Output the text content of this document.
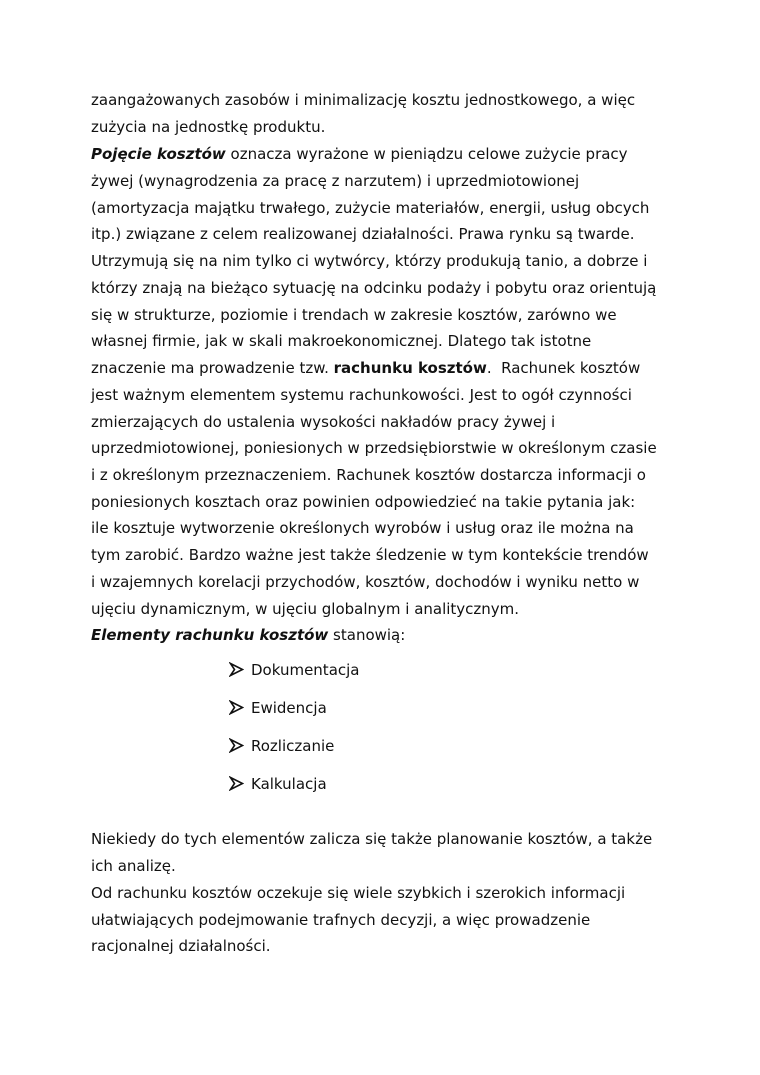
zaangażowanych zasobów i minimalizację kosztu jednostkowego, a więc
zużycia na jednostkę produktu.
Pojęcie kosztów oznacza wyrażone w pieniądzu celowe zużycie pracy
żywej (wynagrodzenia za pracę z narzutem) i uprzedmiotowionej
(amortyzacja majątku trwałego, zużycie materiałów, energii, usług obcych
itp.) związane z celem realizowanej działalności. Prawa rynku są twarde.
Utrzymują się na nim tylko ci wytwórcy, którzy produkują tanio, a dobrze i
którzy znają na bieżąco sytuację na odcinku podaży i pobytu oraz orientują
się w strukturze, poziomie i trendach w zakresie kosztów, zarówno we
własnej firmie, jak w skali makroekonomicznej. Dlatego tak istotne
znaczenie ma prowadzenie tzw. rachunku kosztów.  Rachunek kosztów
jest ważnym elementem systemu rachunkowości. Jest to ogół czynności
zmierzających do ustalenia wysokości nakładów pracy żywej i
uprzedmiotowionej, poniesionych w przedsiębiorstwie w określonym czasie
i z określonym przeznaczeniem. Rachunek kosztów dostarcza informacji o
poniesionych kosztach oraz powinien odpowiedzieć na takie pytania jak:
ile kosztuje wytworzenie określonych wyrobów i usług oraz ile można na
tym zarobić. Bardzo ważne jest także śledzenie w tym kontekście trendów
i wzajemnych korelacji przychodów, kosztów, dochodów i wyniku netto w
ujęciu dynamicznym, w ujęciu globalnym i analitycznym.
Elementy rachunku kosztów stanowią:
Dokumentacja
Ewidencja
Rozliczanie
Kalkulacja
Niekiedy do tych elementów zalicza się także planowanie kosztów, a także
ich analizę.
Od rachunku kosztów oczekuje się wiele szybkich i szerokich informacji
ułatwiających podejmowanie trafnych decyzji, a więc prowadzenie
racjonalnej działalności.
